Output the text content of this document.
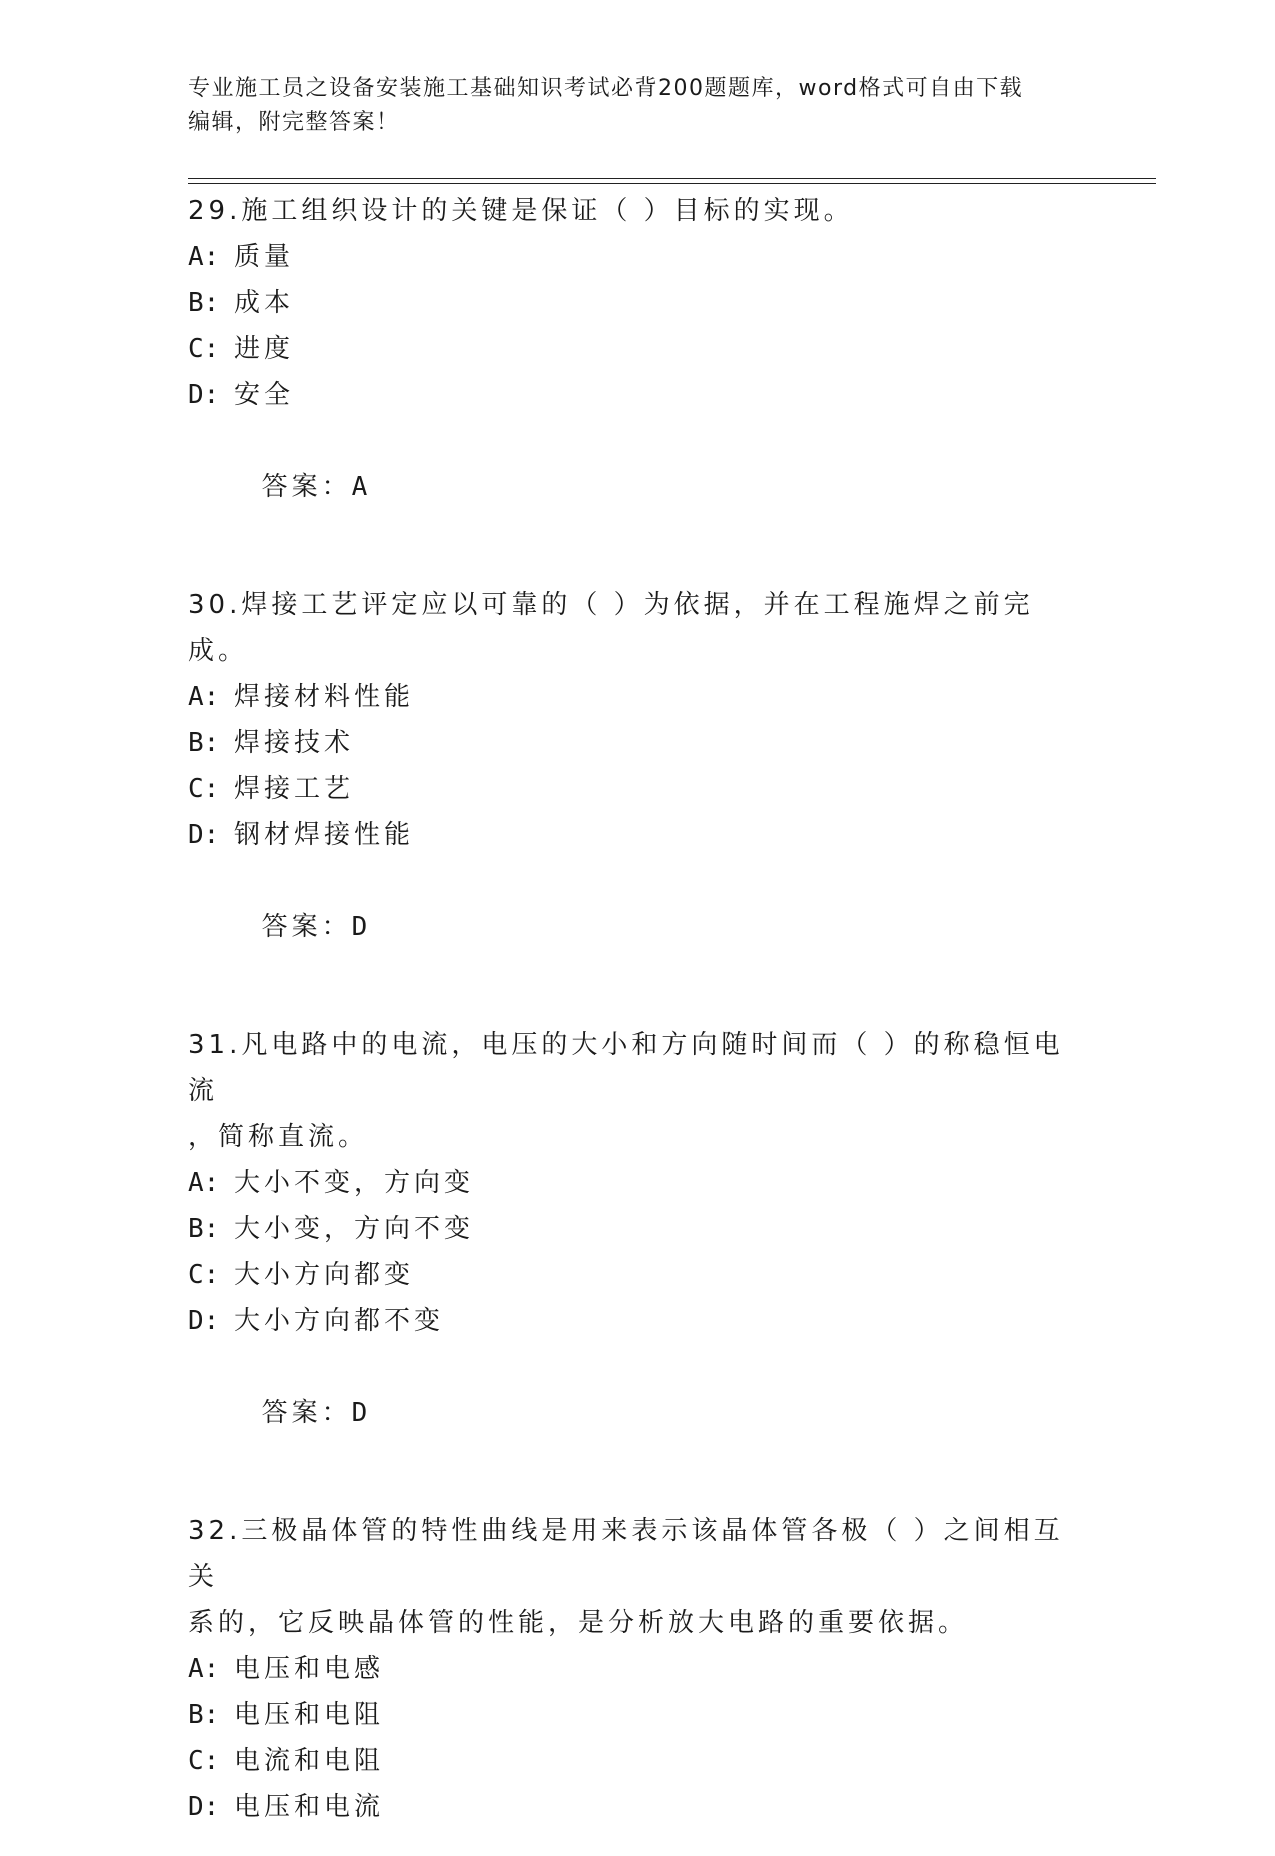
专业施工员之设备安装施工基础知识考试必背200题题库，word格式可自由下载
编辑，附完整答案！
29.施工组织设计的关键是保证（ ）目标的实现。
A: 质量
B: 成本
C: 进度
D: 安全

答案：A

30.焊接工艺评定应以可靠的（ ）为依据，并在工程施焊之前完成。
A: 焊接材料性能
B: 焊接技术
C: 焊接工艺
D: 钢材焊接性能

答案：D

31.凡电路中的电流，电压的大小和方向随时间而（ ）的称稳恒电流
，简称直流。
A: 大小不变，方向变
B: 大小变，方向不变
C: 大小方向都变
D: 大小方向都不变

答案：D

32.三极晶体管的特性曲线是用来表示该晶体管各极（ ）之间相互关
系的，它反映晶体管的性能，是分析放大电路的重要依据。
A: 电压和电感
B: 电压和电阻
C: 电流和电阻
D: 电压和电流
